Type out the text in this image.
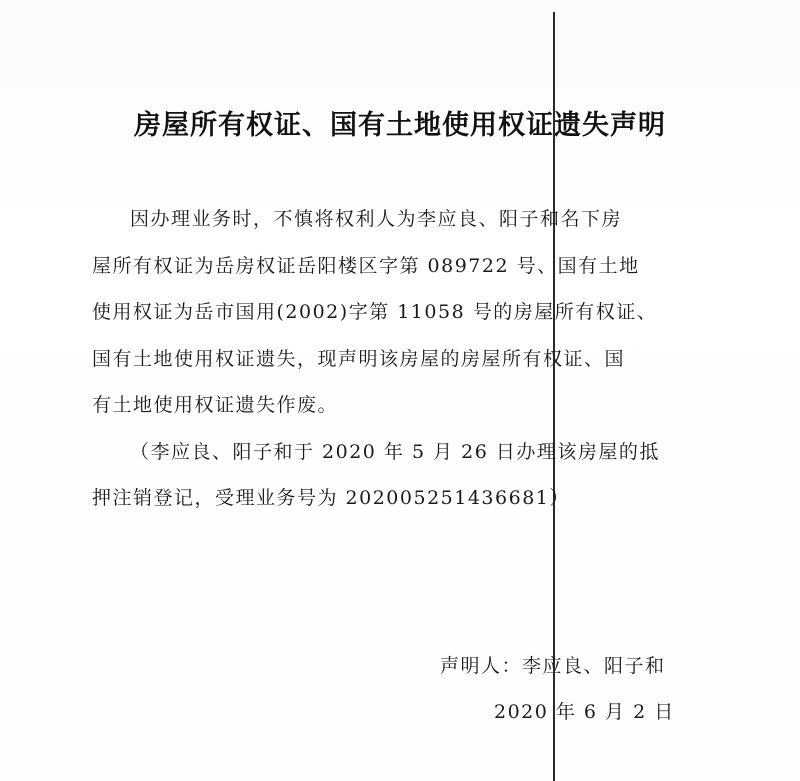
房屋所有权证、国有土地使用权证遗失声明
因办理业务时，不慎将权利人为李应良、阳子和名下房
屋所有权证为岳房权证岳阳楼区字第 089722 号、国有土地
使用权证为岳市国用(2002)字第 11058 号的房屋所有权证、
国有土地使用权证遗失，现声明该房屋的房屋所有权证、国
有土地使用权证遗失作废。
（李应良、阳子和于 2020 年 5 月 26 日办理该房屋的抵
押注销登记，受理业务号为 202005251436681）
声明人：李应良、阳子和
2020 年 6 月 2 日
